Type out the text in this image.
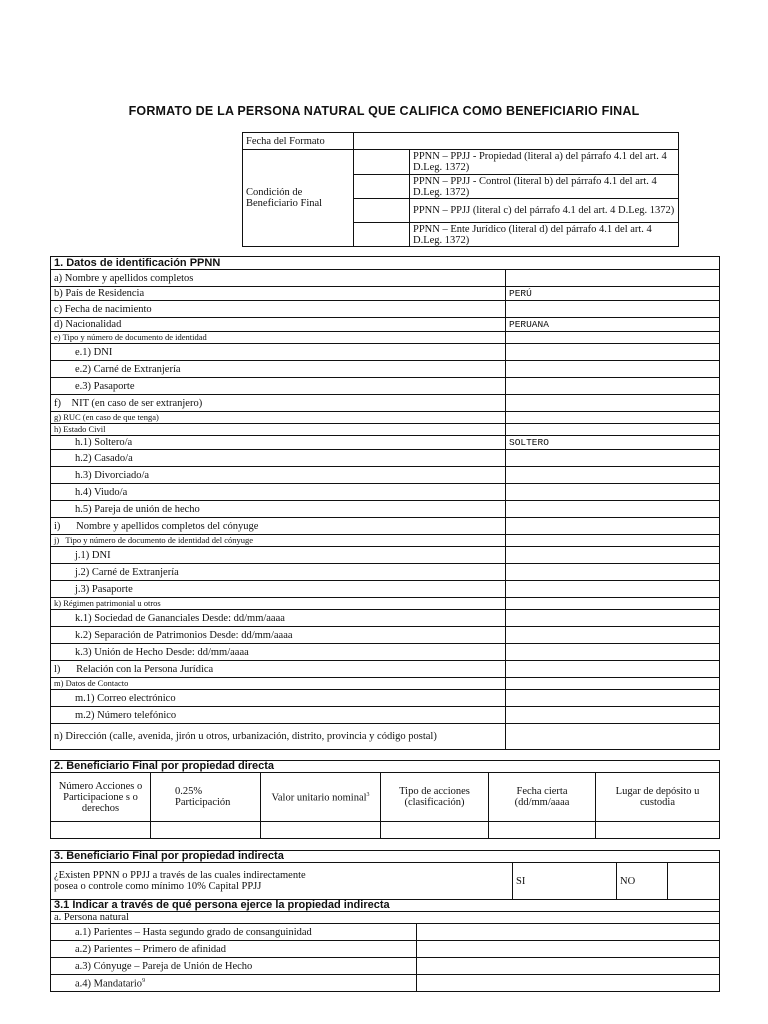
FORMATO DE LA PERSONA NATURAL QUE CALIFICA COMO BENEFICIARIO FINAL
Fecha del Formato		
Condición de Beneficiario Final		PPNN – PPJJ - Propiedad (literal a) del párrafo 4.1 del art. 4 D.Leg. 1372)
		PPNN – PPJJ - Control (literal b) del párrafo 4.1 del art. 4 D.Leg. 1372)
		PPNN – PPJJ (literal c) del párrafo 4.1 del art. 4 D.Leg. 1372)
		PPNN – Ente Jurídico (literal d) del párrafo 4.1 del art. 4 D.Leg. 1372)
1. Datos de identificación PPNN	
a) Nombre y apellidos completos	
b) País de Residencia	PERÚ
c) Fecha de nacimiento	
d) Nacionalidad	PERUANA
e) Tipo y número de documento de identidad	
e.1) DNI	
e.2) Carné de Extranjería	
e.3) Pasaporte	
f)    NIT (en caso de ser extranjero)	
g) RUC (en caso de que tenga)	
h) Estado Civil	
h.1) Soltero/a	SOLTERO
h.2) Casado/a	
h.3) Divorciado/a	
h.4) Viudo/a	
h.5) Pareja de unión de hecho	
i)      Nombre y apellidos completos del cónyuge	
j)   Tipo y número de documento de identidad del cónyuge	
j.1) DNI	
j.2) Carné de Extranjería	
j.3) Pasaporte	
k) Régimen patrimonial u otros	
k.1) Sociedad de Gananciales Desde: dd/mm/aaaa	
k.2) Separación de Patrimonios Desde: dd/mm/aaaa	
k.3) Unión de Hecho Desde: dd/mm/aaaa	
l)      Relación con la Persona Jurídica	
m) Datos de Contacto	
m.1) Correo electrónico	
m.2) Número telefónico	
n) Dirección (calle, avenida, jirón u otros, urbanización, distrito, provincia y código postal)	
2. Beneficiario Final por propiedad directa					
Número Acciones o Participacione s o derechos	0.25% Participación	Valor unitario nominal$^3$	Tipo de acciones (clasificación)	Fecha cierta (dd/mm/aaaa	Lugar de depósito u custodia

3. Beneficiario Final por propiedad indirecta				

¿Existen PPNN o PPJJ a través de las cuales indirectamente posea o controle como mínimo 10% Capital PPJJ		SI	NO	
3.1 Indicar a través de qué persona ejerce la propiedad indirecta				
a. Persona natural				
a.1) Parientes – Hasta segundo grado de consanguinidad				
a.2) Parientes – Primero de afinidad				
a.3) Cónyuge – Pareja de Unión de Hecho				
a.4) Mandatario$^9$	
